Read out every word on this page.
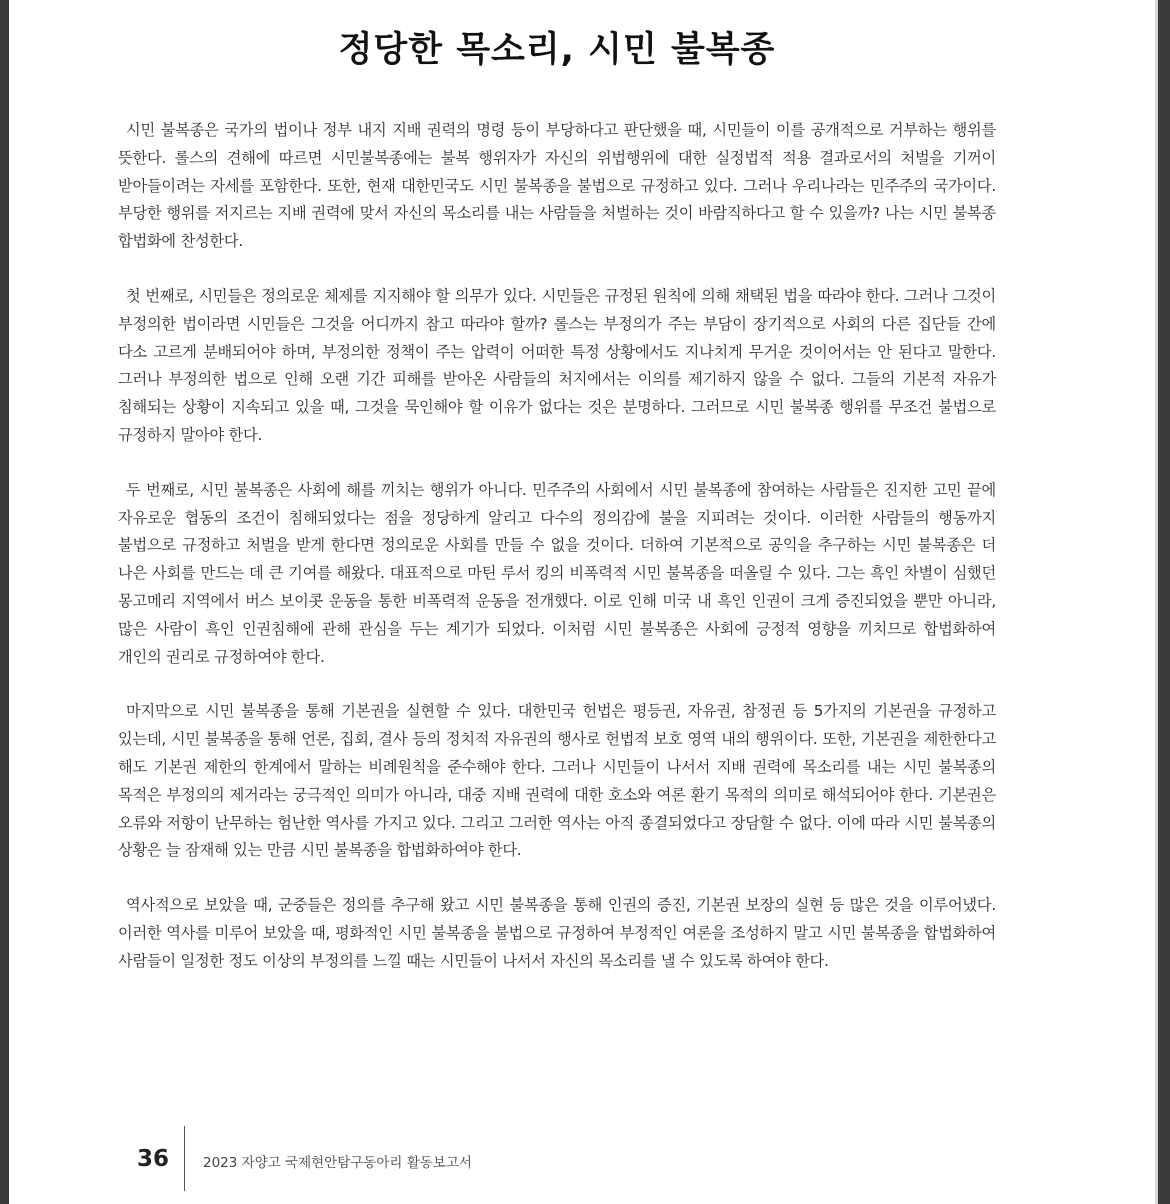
정당한 목소리, 시민 불복종

시민 불복종은 국가의 법이나 정부 내지 지배 권력의 명령 등이 부당하다고 판단했을 때, 시민들이 이를 공개적으로 거부하는 행위를 뜻한다. 롤스의 견해에 따르면 시민불복종에는 불복 행위자가 자신의 위법행위에 대한 실정법적 적용 결과로서의 처벌을 기꺼이 받아들이려는 자세를 포함한다. 또한, 현재 대한민국도 시민 불복종을 불법으로 규정하고 있다. 그러나 우리나라는 민주주의 국가이다. 부당한 행위를 저지르는 지배 권력에 맞서 자신의 목소리를 내는 사람들을 처벌하는 것이 바람직하다고 할 수 있을까? 나는 시민 불복종 합법화에 찬성한다.

첫 번째로, 시민들은 정의로운 체제를 지지해야 할 의무가 있다. 시민들은 규정된 원칙에 의해 채택된 법을 따라야 한다. 그러나 그것이 부정의한 법이라면 시민들은 그것을 어디까지 참고 따라야 할까? 롤스는 부정의가 주는 부담이 장기적으로 사회의 다른 집단들 간에 다소 고르게 분배되어야 하며, 부정의한 정책이 주는 압력이 어떠한 특정 상황에서도 지나치게 무거운 것이어서는 안 된다고 말한다. 그러나 부정의한 법으로 인해 오랜 기간 피해를 받아온 사람들의 처지에서는 이의를 제기하지 않을 수 없다. 그들의 기본적 자유가 침해되는 상황이 지속되고 있을 때, 그것을 묵인해야 할 이유가 없다는 것은 분명하다. 그러므로 시민 불복종 행위를 무조건 불법으로 규정하지 말아야 한다.

두 번째로, 시민 불복종은 사회에 해를 끼치는 행위가 아니다. 민주주의 사회에서 시민 불복종에 참여하는 사람들은 진지한 고민 끝에 자유로운 협동의 조건이 침해되었다는 점을 정당하게 알리고 다수의 정의감에 불을 지피려는 것이다. 이러한 사람들의 행동까지 불법으로 규정하고 처벌을 받게 한다면 정의로운 사회를 만들 수 없을 것이다. 더하여 기본적으로 공익을 추구하는 시민 불복종은 더 나은 사회를 만드는 데 큰 기여를 해왔다. 대표적으로 마틴 루서 킹의 비폭력적 시민 불복종을 떠올릴 수 있다. 그는 흑인 차별이 심했던 몽고메리 지역에서 버스 보이콧 운동을 통한 비폭력적 운동을 전개했다. 이로 인해 미국 내 흑인 인권이 크게 증진되었을 뿐만 아니라, 많은 사람이 흑인 인권침해에 관해 관심을 두는 계기가 되었다. 이처럼 시민 불복종은 사회에 긍정적 영향을 끼치므로 합법화하여 개인의 권리로 규정하여야 한다.

마지막으로 시민 불복종을 통해 기본권을 실현할 수 있다. 대한민국 헌법은 평등권, 자유권, 참정권 등 5가지의 기본권을 규정하고 있는데, 시민 불복종을 통해 언론, 집회, 결사 등의 정치적 자유권의 행사로 헌법적 보호 영역 내의 행위이다. 또한, 기본권을 제한한다고 해도 기본권 제한의 한계에서 말하는 비례원칙을 준수해야 한다. 그러나 시민들이 나서서 지배 권력에 목소리를 내는 시민 불복종의 목적은 부정의의 제거라는 궁극적인 의미가 아니라, 대중 지배 권력에 대한 호소와 여론 환기 목적의 의미로 해석되어야 한다. 기본권은 오류와 저항이 난무하는 험난한 역사를 가지고 있다. 그리고 그러한 역사는 아직 종결되었다고 장담할 수 없다. 이에 따라 시민 불복종의 상황은 늘 잠재해 있는 만큼 시민 불복종을 합법화하여야 한다.

역사적으로 보았을 때, 군중들은 정의를 추구해 왔고 시민 불복종을 통해 인권의 증진, 기본권 보장의 실현 등 많은 것을 이루어냈다. 이러한 역사를 미루어 보았을 때, 평화적인 시민 불복종을 불법으로 규정하여 부정적인 여론을 조성하지 말고 시민 불복종을 합법화하여 사람들이 일정한 정도 이상의 부정의를 느낄 때는 시민들이 나서서 자신의 목소리를 낼 수 있도록 하여야 한다.

36	2023 자양고 국제현안탐구동아리 활동보고서
